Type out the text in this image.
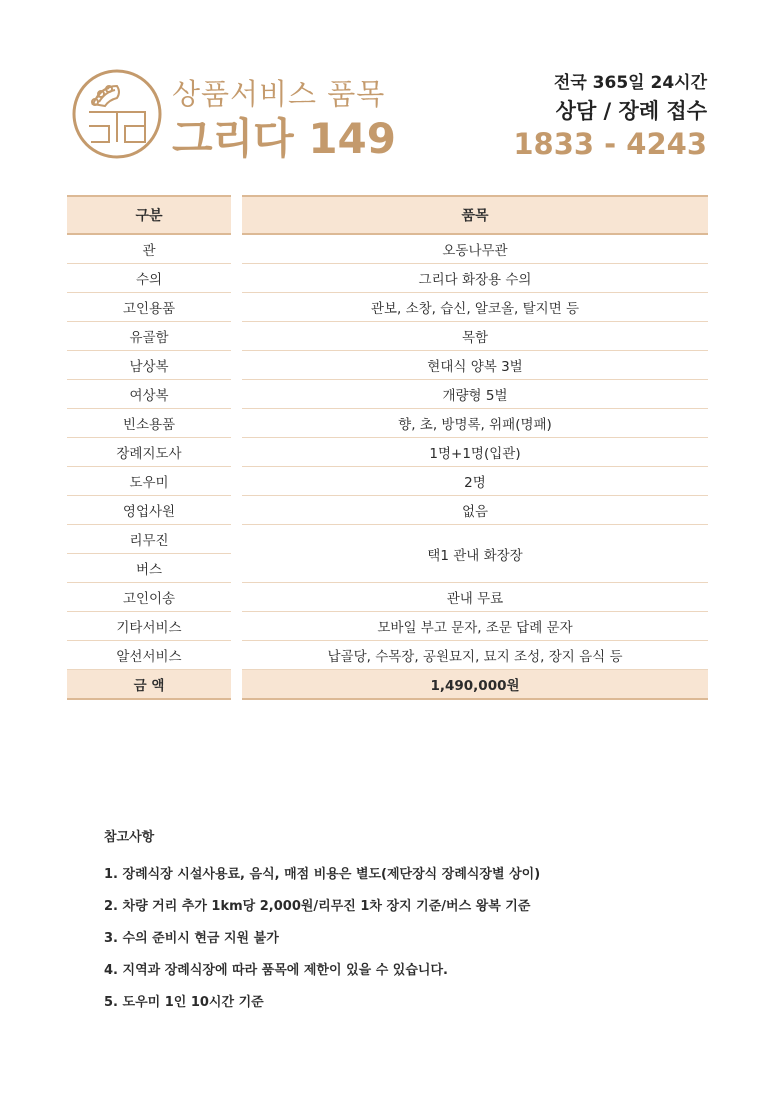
상품서비스 품목
그리다 149
전국 365일 24시간
상담 / 장례 접수
1833 - 4243
구분		품목
관		오동나무관
수의		그리다 화장용 수의
고인용품		관보, 소창, 습신, 알코올, 탈지면 등
유골함		목함
남상복		현대식 양복 3벌
여상복		개량형 5벌
빈소용품		향, 초, 방명록, 위패(명패)
장례지도사		1명+1명(입관)
도우미		2명
영업사원		없음
리무진		택1 관내 화장장
버스		
고인이송		관내 무료
기타서비스		모바일 부고 문자, 조문 답례 문자
알선서비스		납골당, 수목장, 공원묘지, 묘지 조성, 장지 음식 등
금 액		1,490,000원
참고사항
1. 장례식장 시설사용료, 음식, 매점 비용은 별도(제단장식 장례식장별 상이)
2. 차량 거리 추가 1km당 2,000원/리무진 1차 장지 기준/버스 왕복 기준
3. 수의 준비시 현금 지원 불가
4. 지역과 장례식장에 따라 품목에 제한이 있을 수 있습니다.
5. 도우미 1인 10시간 기준
